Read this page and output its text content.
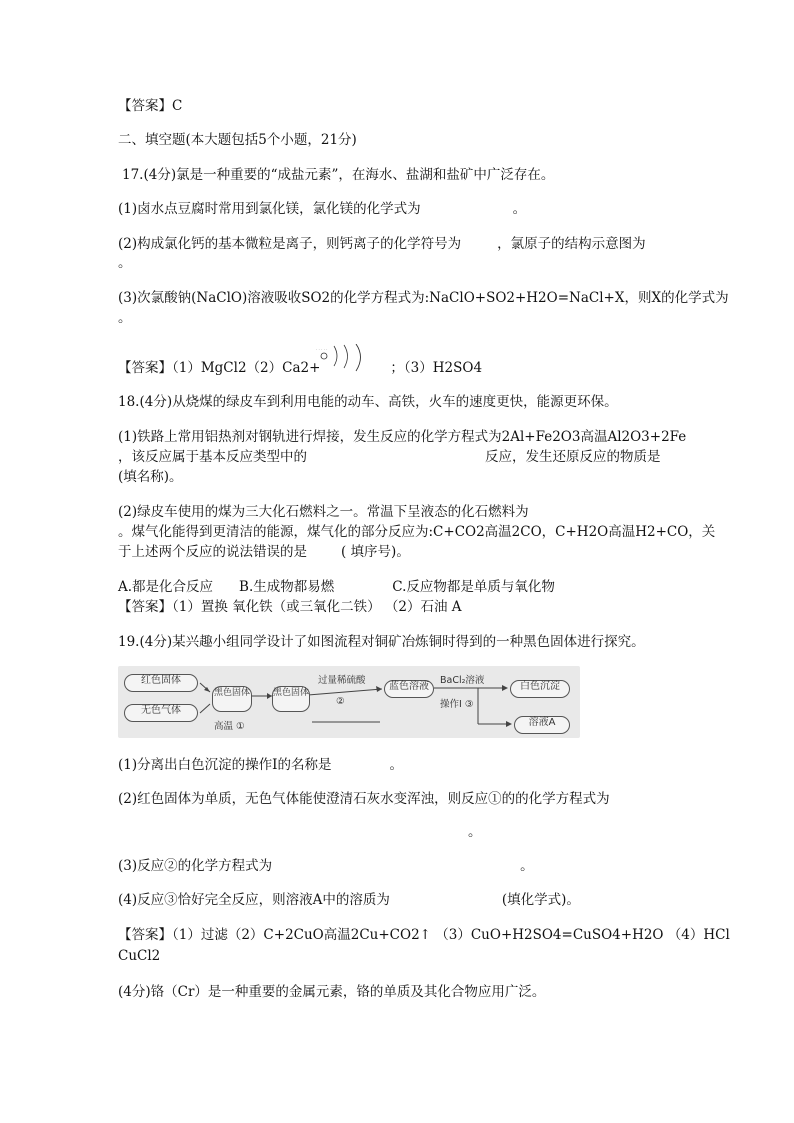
【答案】C
二、填空题(本大题包括5个小题，21分)
17.(4分)氯是一种重要的“成盐元素”，在海水、盐湖和盐矿中广泛存在。
(1)卤水点豆腐时常用到氯化镁，氯化镁的化学式为	。
(2)构成氯化钙的基本微粒是离子，则钙离子的化学符号为	，氯原子的结构示意图为
。
(3)次氯酸钠(NaClO)溶液吸收SO2的化学方程式为:NaClO+SO2+H2O=NaCl+X，则X的化学式为
。
【答案】（1）MgCl2（2）Ca2+	；（3）H2SO4
. . . . .
18.(4分)从烧煤的绿皮车到利用电能的动车、高铁，火车的速度更快，能源更环保。
(1)铁路上常用铝热剂对钢轨进行焊接，发生反应的化学方程式为2Al+Fe2O3高温Al2O3+2Fe
，该反应属于基本反应类型中的	反应，发生还原反应的物质是
(填名称)。
(2)绿皮车使用的煤为三大化石燃料之一。常温下呈液态的化石燃料为
。煤气化能得到更清洁的能源，煤气化的部分反应为:C+CO2高温2CO，C+H2O高温H2+CO，关
于上述两个反应的说法错误的是	( 填序号)。
A.都是化合反应 B.生成物都易燃	C.反应物都是单质与氧化物
【答案】（1）置换 氧化铁（或三氧化二铁） （2）石油 A
19.(4分)某兴趣小组同学设计了如图流程对铜矿冶炼铜时得到的一种黑色固体进行探究。
红色固体
无色气体
黑色固体	黑色固体
高温 ①
过量稀硫酸
②
蓝色溶液
BaCl₂溶液
操作Ⅰ ③
白色沉淀
溶液A
(1)分离出白色沉淀的操作I的名称是	。
(2)红色固体为单质，无色气体能使澄清石灰水变浑浊，则反应①的的化学方程式为
。
(3)反应②的化学方程式为	。
(4)反应③恰好完全反应，则溶液A中的溶质为	(填化学式)。
【答案】（1）过滤（2）C+2CuO高温2Cu+CO2↑ （3）CuO+H2SO4=CuSO4+H2O （4）HCl
CuCl2
(4分)铬（Cr）是一种重要的金属元素，铬的单质及其化合物应用广泛。
